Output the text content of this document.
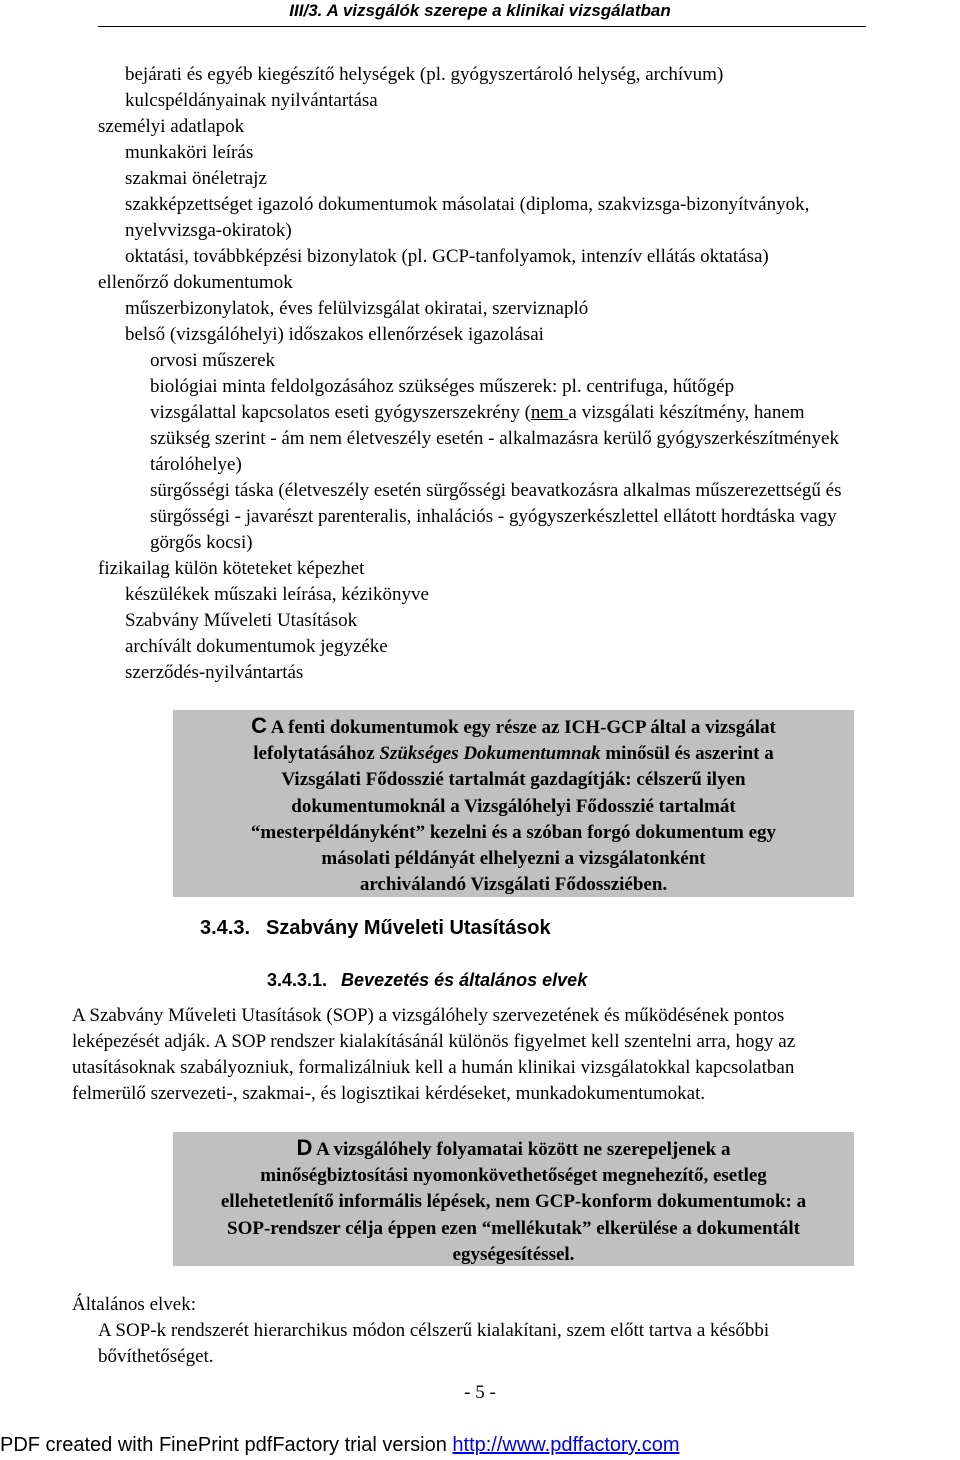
III/3. A vizsgálók szerepe a klinikai vizsgálatban
bejárati és egyéb kiegészítő helységek (pl. gyógyszertároló helység, archívum)
kulcspéldányainak nyilvántartása
személyi adatlapok
munkaköri leírás
szakmai önéletrajz
szakképzettséget igazoló dokumentumok másolatai (diploma, szakvizsga-bizonyítványok,
nyelvvizsga-okiratok)
oktatási, továbbképzési bizonylatok (pl. GCP-tanfolyamok, intenzív ellátás oktatása)
ellenőrző dokumentumok
műszerbizonylatok, éves felülvizsgálat okiratai, szerviznapló
belső (vizsgálóhelyi) időszakos ellenőrzések igazolásai
orvosi műszerek
biológiai minta feldolgozásához szükséges műszerek: pl. centrifuga, hűtőgép
vizsgálattal kapcsolatos eseti gyógyszerszekrény (nem a vizsgálati készítmény, hanem
szükség szerint - ám nem életveszély esetén - alkalmazásra kerülő gyógyszerkészítmények
tárolóhelye)
sürgősségi táska (életveszély esetén sürgősségi beavatkozásra alkalmas műszerezettségű és
sürgősségi - javarészt parenteralis, inhalációs - gyógyszerkészlettel ellátott hordtáska vagy
görgős kocsi)
fizikailag külön köteteket képezhet
készülékek műszaki leírása, kézikönyve
Szabvány Műveleti Utasítások
archívált dokumentumok jegyzéke
szerződés-nyilvántartás
C A fenti dokumentumok egy része az ICH-GCP által a vizsgálat
lefolytatásához Szükséges Dokumentumnak minősül és aszerint a
Vizsgálati Fődosszié tartalmát gazdagítják: célszerű ilyen
dokumentumoknál a Vizsgálóhelyi Fődosszié tartalmát
“mesterpéldányként” kezelni és a szóban forgó dokumentum egy
másolati példányát elhelyezni a vizsgálatonként
archiválandó Vizsgálati Fődossziében.
3.4.3. Szabvány Műveleti Utasítások
3.4.3.1. Bevezetés és általános elvek
A Szabvány Műveleti Utasítások (SOP) a vizsgálóhely szervezetének és működésének pontos
leképezését adják. A SOP rendszer kialakításánál különös figyelmet kell szentelni arra, hogy az
utasításoknak szabályozniuk, formalizálniuk kell a humán klinikai vizsgálatokkal kapcsolatban
felmerülő szervezeti-, szakmai-, és logisztikai kérdéseket, munkadokumentumokat.
D A vizsgálóhely folyamatai között ne szerepeljenek a
minőségbiztosítási nyomonkövethetőséget megnehezítő, esetleg
ellehetetlenítő informális lépések, nem GCP-konform dokumentumok: a
SOP-rendszer célja éppen ezen “mellékutak” elkerülése a dokumentált
egységesítéssel.
Általános elvek:
A SOP-k rendszerét hierarchikus módon célszerű kialakítani, szem előtt tartva a későbbi
bővíthetőséget.
- 5 -
PDF created with FinePrint pdfFactory trial version http://www.pdffactory.com
